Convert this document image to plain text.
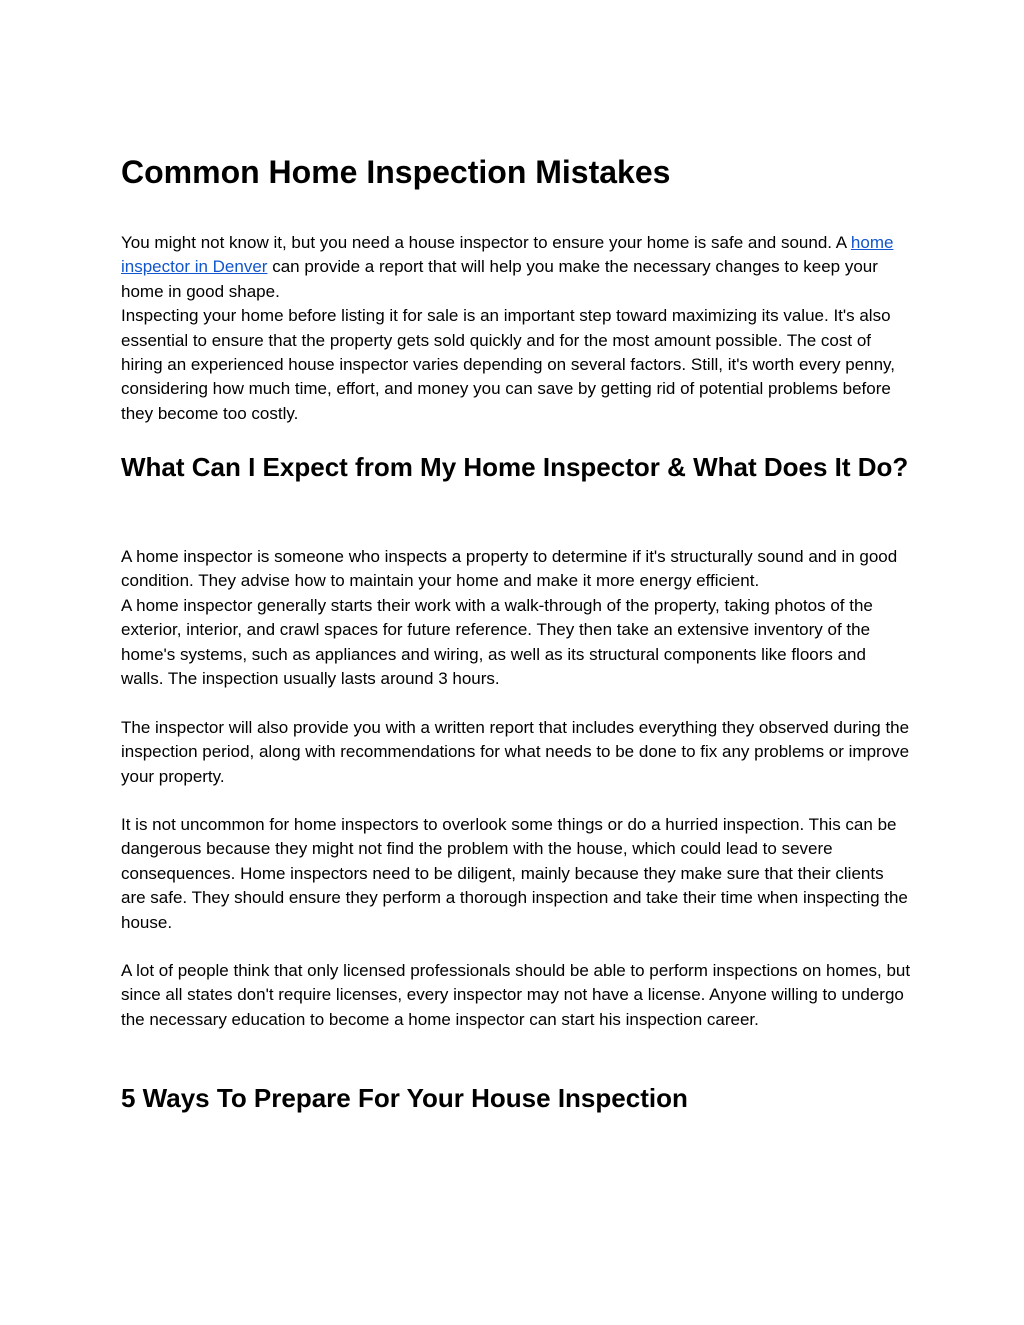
Common Home Inspection Mistakes

You might not know it, but you need a house inspector to ensure your home is safe and sound. A home inspector in Denver can provide a report that will help you make the necessary changes to keep your home in good shape.

Inspecting your home before listing it for sale is an important step toward maximizing its value. It's also essential to ensure that the property gets sold quickly and for the most amount possible. The cost of hiring an experienced house inspector varies depending on several factors. Still, it's worth every penny, considering how much time, effort, and money you can save by getting rid of potential problems before they become too costly.

What Can I Expect from My Home Inspector & What Does It Do?

A home inspector is someone who inspects a property to determine if it's structurally sound and in good condition. They advise how to maintain your home and make it more energy efficient.

A home inspector generally starts their work with a walk-through of the property, taking photos of the exterior, interior, and crawl spaces for future reference. They then take an extensive inventory of the home's systems, such as appliances and wiring, as well as its structural components like floors and walls. The inspection usually lasts around 3 hours.

The inspector will also provide you with a written report that includes everything they observed during the inspection period, along with recommendations for what needs to be done to fix any problems or improve your property.

It is not uncommon for home inspectors to overlook some things or do a hurried inspection. This can be dangerous because they might not find the problem with the house, which could lead to severe consequences. Home inspectors need to be diligent, mainly because they make sure that their clients are safe. They should ensure they perform a thorough inspection and take their time when inspecting the house.

A lot of people think that only licensed professionals should be able to perform inspections on homes, but since all states don't require licenses, every inspector may not have a license. Anyone willing to undergo the necessary education to become a home inspector can start his inspection career.

5 Ways To Prepare For Your House Inspection
